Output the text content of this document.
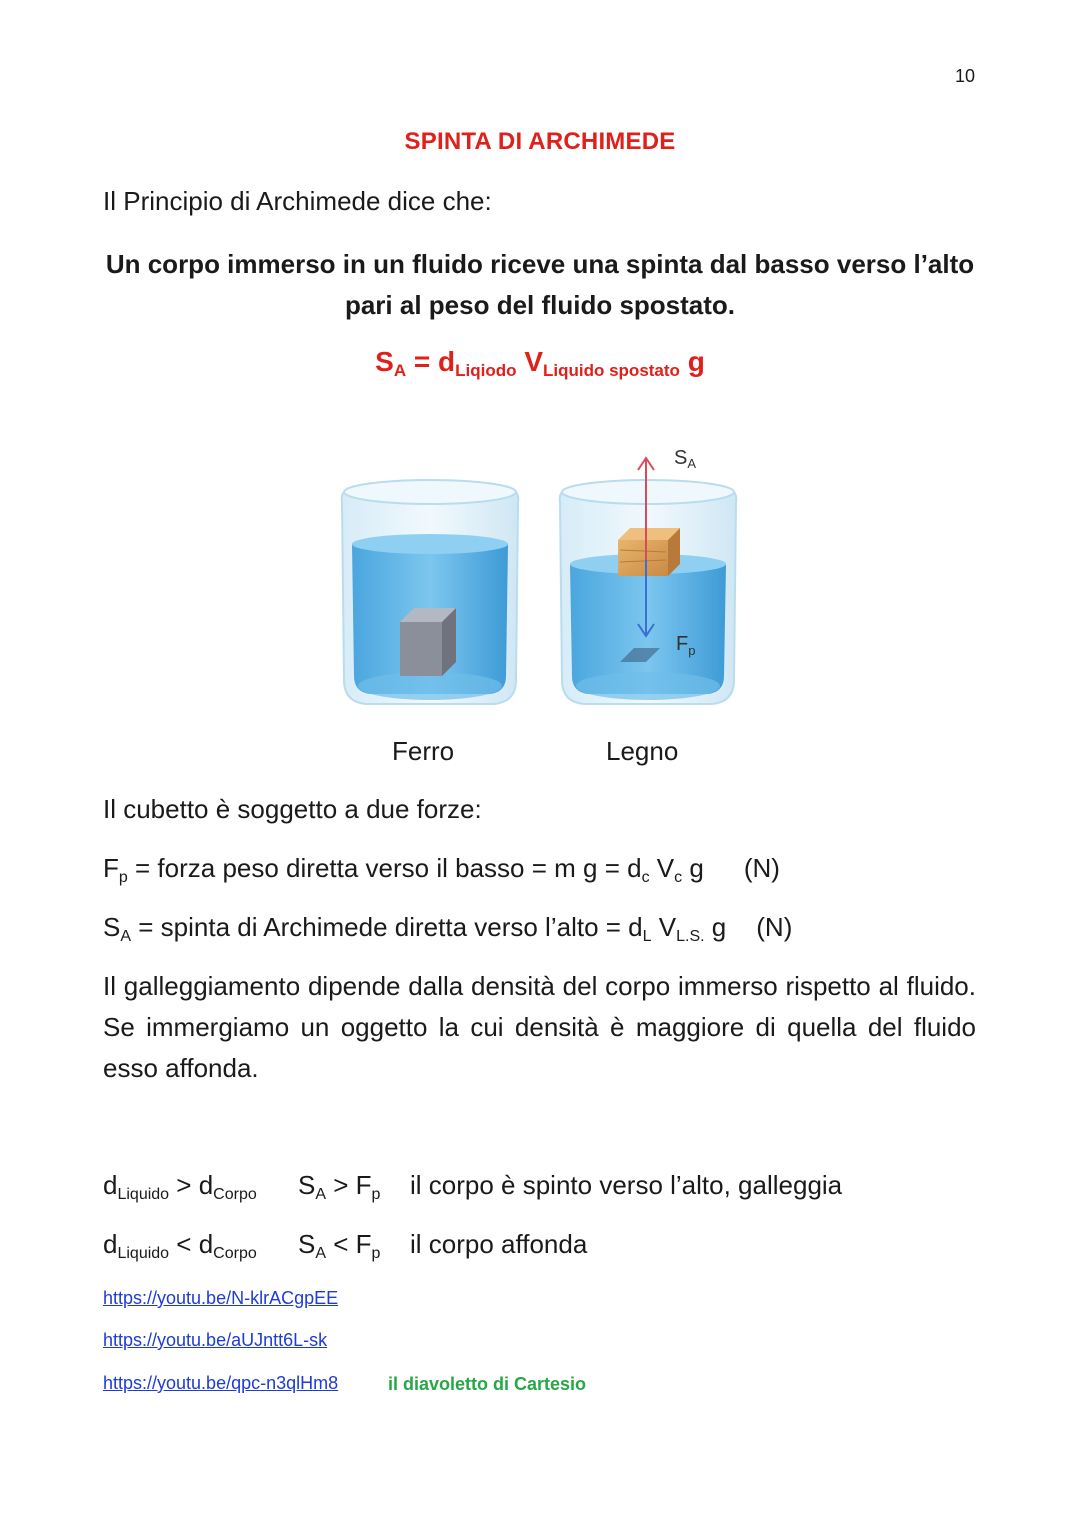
10
SPINTA DI ARCHIMEDE
Il Principio di Archimede dice che:
Un corpo immerso in un fluido riceve una spinta dal basso verso l’alto pari al peso del fluido spostato.
$S_A = d_{Liqiodo}$ $V_{Liquido spostato}$ g
$S_A$
$F_p$
Ferro	Legno
Il cubetto è soggetto a due forze:
$F_p$ = forza peso diretta verso il basso = m $g = d_c$ $V_c$ g (N)
$S_A$ = spinta di Archimede diretta verso l’alto = $d_L$ $V_{L.S.}$ g (N)
Il galleggiamento dipende dalla densità del corpo immerso rispetto al fluido. Se immergiamo un oggetto la cui densità è maggiore di quella del fluido esso affonda.
$d_{Liquido} > d_{Corpo}$ $S_A > F_p$ il corpo è spinto verso l’alto, galleggia
$d_{Liquido} < d_{Corpo}$ $S_A < F_p$ il corpo affonda
https://youtu.be/N-klrACgpEE
https://youtu.be/aUJntt6L-sk
https://youtu.be/qpc-n3qlHm8	il diavoletto di Cartesio
